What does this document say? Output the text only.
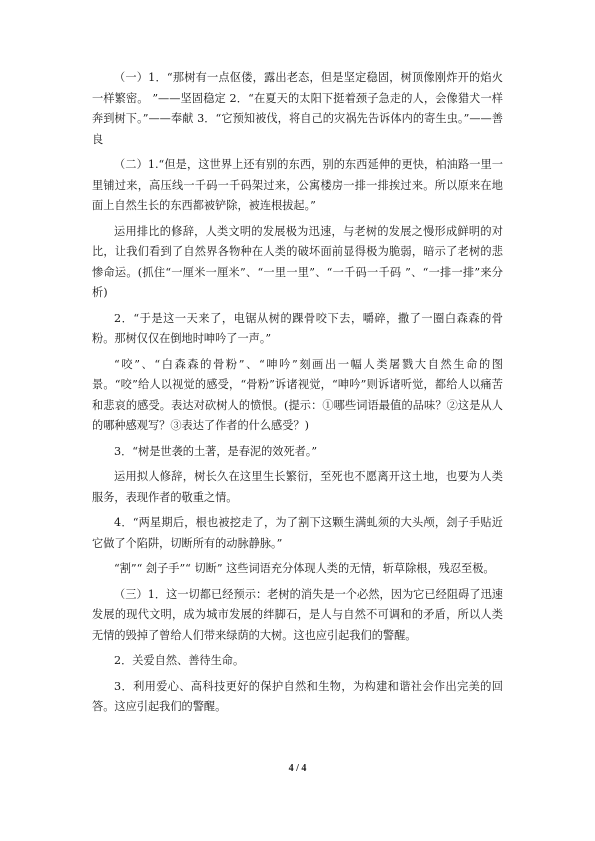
（一）1．“那树有一点伛偻，露出老态，但是坚定稳固，树顶像刚炸开的焰火一样繁密。 ”——坚固稳定 2．“在夏天的太阳下挺着颈子急走的人，会像猎犬一样奔到树下。”——奉献 3．“它预知被伐，将自己的灾祸先告诉体内的寄生虫。”——善良

（二）1.“但是，这世界上还有别的东西，别的东西延伸的更快，柏油路一里一里铺过来，高压线一千码一千码架过来，公寓楼房一排一排挨过来。所以原来在地面上自然生长的东西都被铲除，被连根拔起。”

运用排比的修辞，人类文明的发展极为迅速，与老树的发展之慢形成鲜明的对比，让我们看到了自然界各物种在人类的破坏面前显得极为脆弱，暗示了老树的悲惨命运。(抓住“一厘米一厘米”、“一里一里”、“一千码一千码 ”、“一排一排”来分析)

2．“于是这一天来了，电锯从树的踝骨咬下去，嚼碎，撒了一圈白森森的骨粉。那树仅仅在倒地时呻吟了一声。”

“咬”、“白森森的骨粉”、“呻吟”刻画出一幅人类屠戮大自然生命的图景。“咬”给人以视觉的感受，“骨粉”诉诸视觉，“呻吟”则诉诸听觉，都给人以痛苦和悲哀的感受。表达对砍树人的愤恨。(提示：①哪些词语最值的品味？②这是从人的哪种感观写？③表达了作者的什么感受？)

3．“树是世袭的土著，是春泥的效死者。”

运用拟人修辞，树长久在这里生长繁衍，至死也不愿离开这土地，也要为人类服务，表现作者的敬重之情。

4．“两星期后，根也被挖走了，为了割下这颗生满虬须的大头颅，刽子手贴近它做了个陷阱，切断所有的动脉静脉。”

“割”“ 刽子手”“ 切断” 这些词语充分体现人类的无情，斩草除根，残忍至极。

（三）1．这一切都已经预示：老树的消失是一个必然，因为它已经阻碍了迅速发展的现代文明，成为城市发展的绊脚石，是人与自然不可调和的矛盾，所以人类无情的毁掉了曾给人们带来绿荫的大树。这也应引起我们的警醒。

2．关爱自然、善待生命。

3．利用爱心、高科技更好的保护自然和生物，为构建和谐社会作出完美的回答。这应引起我们的警醒。

4 / 4
